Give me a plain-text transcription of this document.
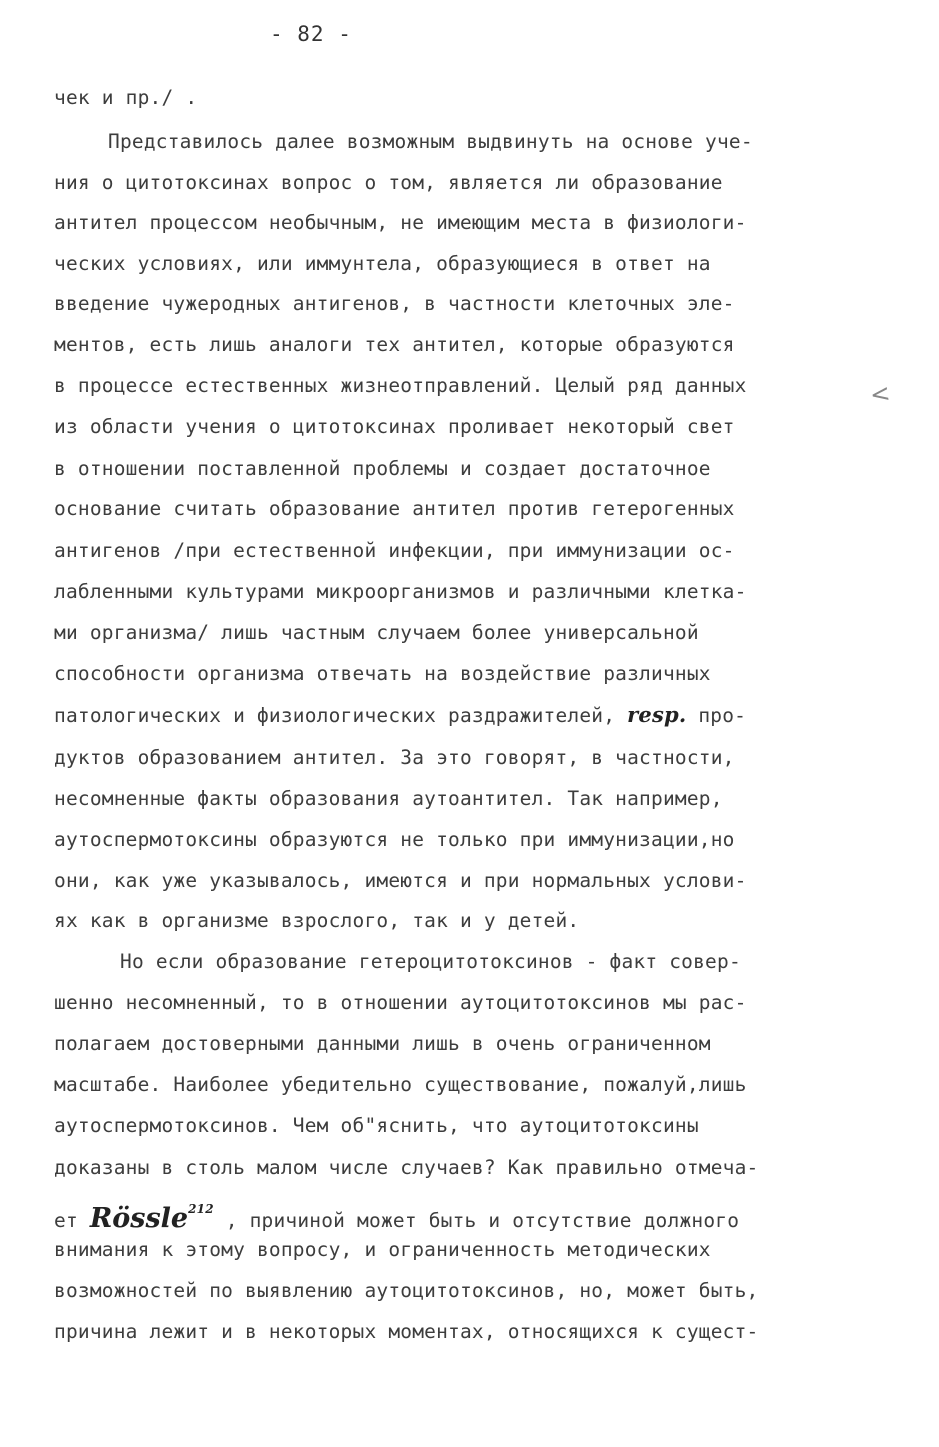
- 82 -
чек и пр./ .
Представилось далее возможным выдвинуть на основе уче-
ния о цитотоксинах вопрос о том, является ли образование
антител процессом необычным, не имеющим места в физиологи-
ческих условиях, или иммунтела, образующиеся в ответ на
введение чужеродных антигенов, в частности клеточных эле-
ментов, есть лишь аналоги тех антител, которые образуются
в процессе естественных жизнеотправлений. Целый ряд данных
из области учения о цитотоксинах проливает некоторый свет
в отношении поставленной проблемы и создает достаточное
основание считать образование антител против гетерогенных
антигенов /при естественной инфекции, при иммунизации ос-
лабленными культурами микроорганизмов и различными клетка-
ми организма/ лишь частным случаем более универсальной
способности организма отвечать на воздействие различных
патологических и физиологических раздражителей, resp. про-
дуктов образованием антител. За это говорят, в частности,
несомненные факты образования аутоантител. Так например,
аутоспермотоксины образуются не только при иммунизации,но
они, как уже указывалось, имеются и при нормальных услови-
ях как в организме взрослого, так и у детей.
Но если образование гетероцитотоксинов - факт совер-
шенно несомненный, то в отношении аутоцитотоксинов мы рас-
полагаем достоверными данными лишь в очень ограниченном
масштабе. Наиболее убедительно существование, пожалуй,лишь
аутоспермотоксинов. Чем об"яснить, что аутоцитотоксины
доказаны в столь малом числе случаев? Как правильно отмеча-
ет Rössle$^{212}$ , причиной может быть и отсутствие должного
внимания к этому вопросу, и ограниченность методических
возможностей по выявлению аутоцитотоксинов, но, может быть,
причина лежит и в некоторых моментах, относящихся к сущест-
<
